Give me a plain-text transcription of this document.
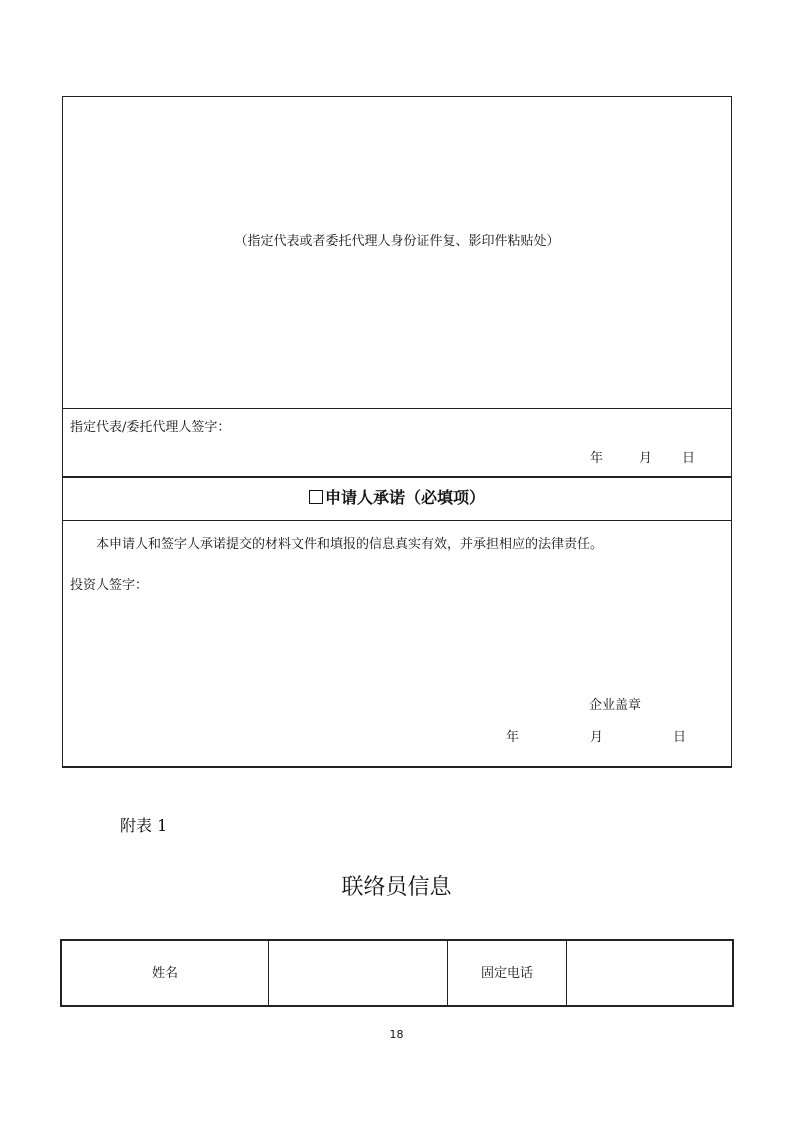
（指定代表或者委托代理人身份证件复、影印件粘贴处）
指定代表/委托代理人签字：
年	月 日
申请人承诺（必填项）
本申请人和签字人承诺提交的材料文件和填报的信息真实有效，并承担相应的法律责任。
投资人签字：
企业盖章
年	月	日
附表 1
联络员信息
姓名	固定电话
18
